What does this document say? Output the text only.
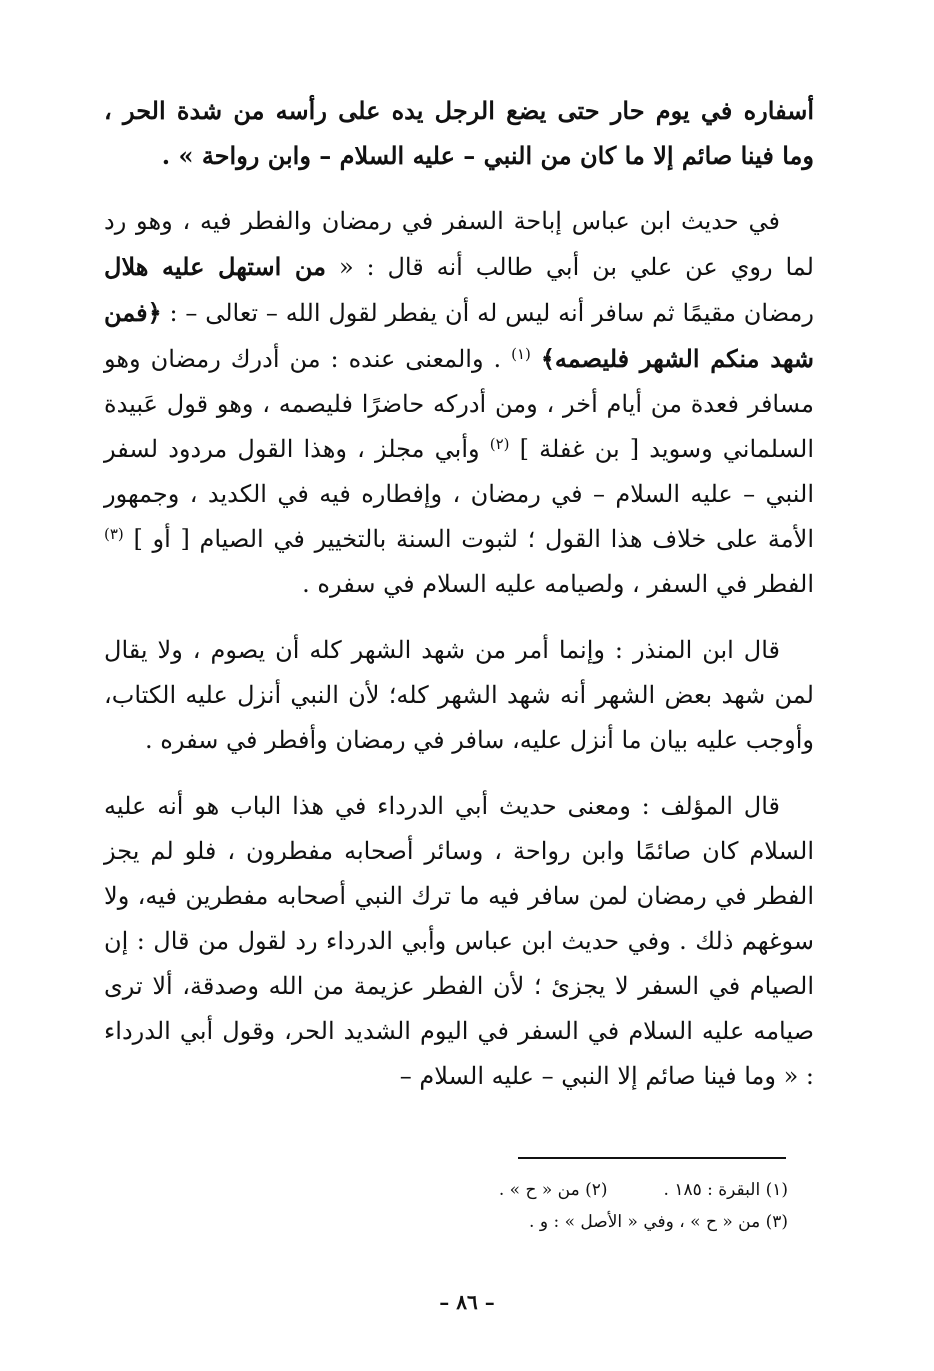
أسفاره في يوم حار حتى يضع الرجل يده على رأسه من شدة الحر ، وما فينا صائم إلا ما كان من النبي – عليه السلام – وابن رواحة » .

في حديث ابن عباس إباحة السفر في رمضان والفطر فيه ، وهو رد لما روي عن علي بن أبي طالب أنه قال : « من استهل عليه هلال رمضان مقيمًا ثم سافر أنه ليس له أن يفطر لقول الله – تعالى – : ﴿فمن شهد منكم الشهر فليصمه﴾ $^{(١)}$ . والمعنى عنده : من أدرك رمضان وهو مسافر فعدة من أيام أخر ، ومن أدركه حاضرًا فليصمه ، وهو قول عَبيدة السلماني وسويد [ بن غفلة ] $^{(٢)}$ وأبي مجلز ، وهذا القول مردود لسفر النبي – عليه السلام – في رمضان ، وإفطاره فيه في الكديد ، وجمهور الأمة على خلاف هذا القول ؛ لثبوت السنة بالتخيير في الصيام [ أو ] $^{(٣)}$ الفطر في السفر ، ولصيامه عليه السلام في سفره .

قال ابن المنذر : وإنما أمر من شهد الشهر كله أن يصوم ، ولا يقال لمن شهد بعض الشهر أنه شهد الشهر كله؛ لأن النبي أنزل عليه الكتاب، وأوجب عليه بيان ما أنزل عليه، سافر في رمضان وأفطر في سفره .

قال المؤلف : ومعنى حديث أبي الدرداء في هذا الباب هو أنه عليه السلام كان صائمًا وابن رواحة ، وسائر أصحابه مفطرون ، فلو لم يجز الفطر في رمضان لمن سافر فيه ما ترك النبي أصحابه مفطرين فيه، ولا سوغهم ذلك . وفي حديث ابن عباس وأبي الدرداء رد لقول من قال : إن الصيام في السفر لا يجزئ ؛ لأن الفطر عزيمة من الله وصدقة، ألا ترى صيامه عليه السلام في السفر في اليوم الشديد الحر، وقول أبي الدرداء : « وما فينا صائم إلا النبي – عليه السلام –

(١) البقرة : ١٨٥ .(٢) من « ح » .
(٣) من « ح » ، وفي « الأصل » : و .
– ٨٦ –
